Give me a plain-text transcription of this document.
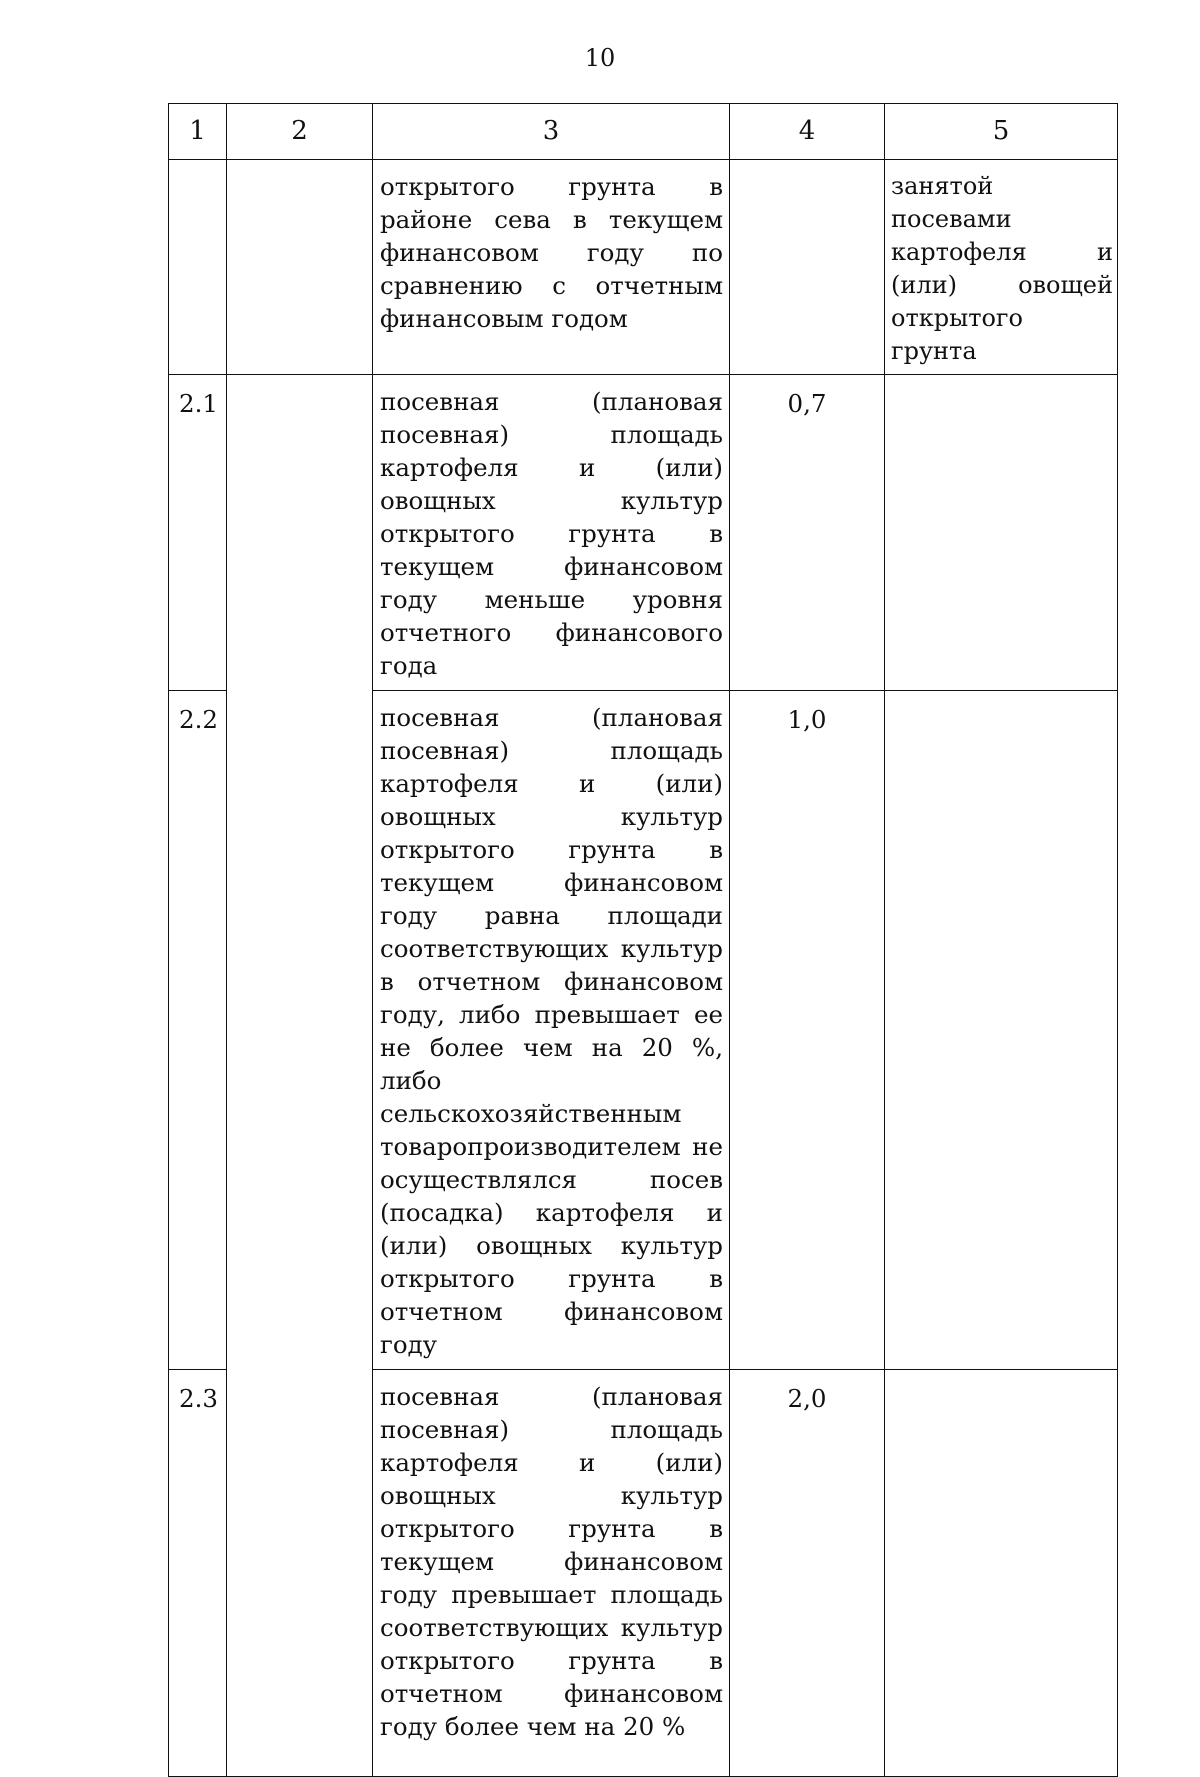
10
1	2	3	4	5
		открытого грунта в районе сева в текущем финансовом году по сравнению с отчетным финансовым годом		занятой посевами картофеля и (или) овощей открытого грунта
2.1		посевная (плановая посевная) площадь картофеля и (или) овощных культур открытого грунта в текущем финансовом году меньше уровня отчетного финансового года	0,7	
2.2		посевная (плановая посевная) площадь картофеля и (или) овощных культур открытого грунта в текущем финансовом году равна площади соответствующих культур в отчетном финансовом году, либо превышает ее не более чем на 20 %, либо сельскохозяйственным товаропроизводителем не осуществлялся посев (посадка) картофеля и (или) овощных культур открытого грунта в отчетном финансовом году	1,0	
2.3		посевная (плановая посевная) площадь картофеля и (или) овощных культур открытого грунта в текущем финансовом году превышает площадь соответствующих культур открытого грунта в отчетном финансовом году более чем на 20 %	2,0	
